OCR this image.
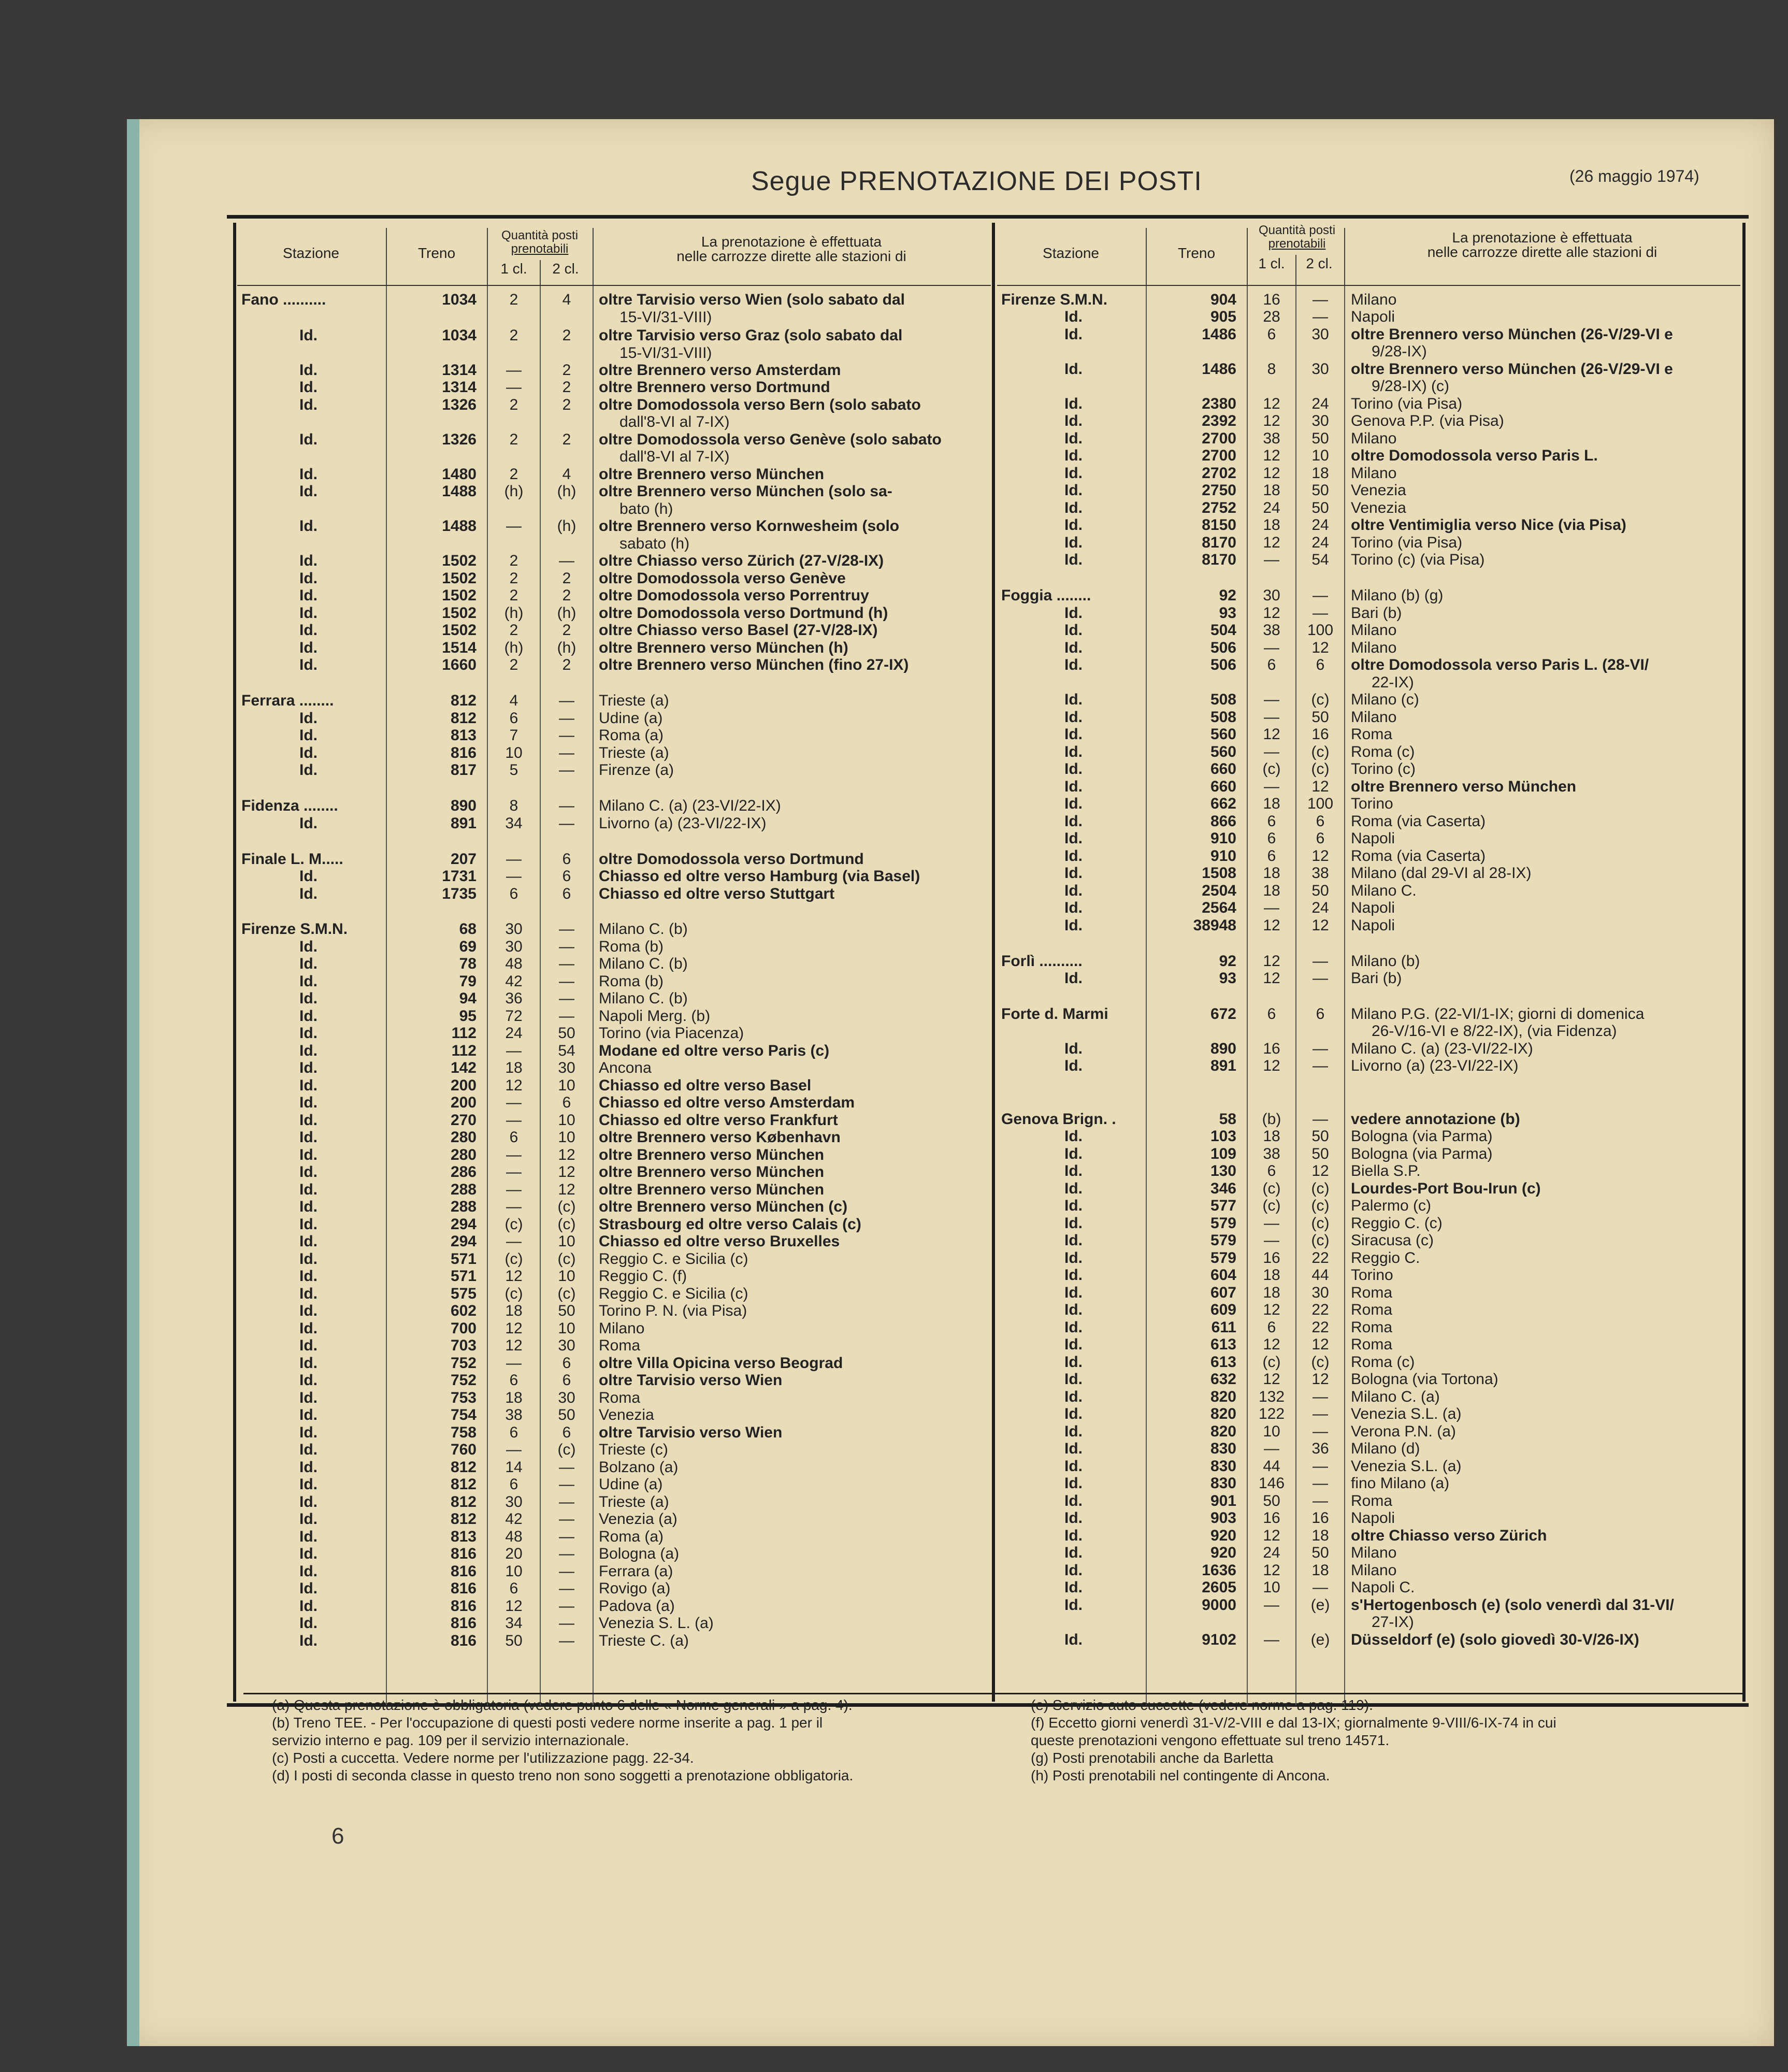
Segue PRENOTAZIONE DEI POSTI	(26 maggio 1974)
Stazione	Treno
Quantità posti
prenotabili
1 cl.	2 cl.
La prenotazione è effettuata
nelle carrozze dirette alle stazioni di
Fano ..........	1034	2	4	oltre Tarvisio verso Wien (solo sabato dal
15-VI/31-VIII)
Id.	1034	2	2	oltre Tarvisio verso Graz (solo sabato dal
15-VI/31-VIII)
Id.	1314	—	2	oltre Brennero verso Amsterdam
Id.	1314	—	2	oltre Brennero verso Dortmund
Id.	1326	2	2	oltre Domodossola verso Bern (solo sabato
dall'8-VI al 7-IX)
Id.	1326	2	2	oltre Domodossola verso Genève (solo sabato
dall'8-VI al 7-IX)
Id.	1480	2	4	oltre Brennero verso München
Id.	1488	(h)	(h)	oltre Brennero verso München (solo sa-
bato (h)
Id.	1488	—	(h)	oltre Brennero verso Kornwesheim (solo
sabato (h)
Id.	1502	2	—	oltre Chiasso verso Zürich (27-V/28-IX)
Id.	1502	2	2	oltre Domodossola verso Genève
Id.	1502	2	2	oltre Domodossola verso Porrentruy
Id.	1502	(h)	(h)	oltre Domodossola verso Dortmund (h)
Id.	1502	2	2	oltre Chiasso verso Basel (27-V/28-IX)
Id.	1514	(h)	(h)	oltre Brennero verso München (h)
Id.	1660	2	2	oltre Brennero verso München (fino 27-IX)
Ferrara ........	812	4	—	Trieste (a)
Id.	812	6	—	Udine (a)
Id.	813	7	—	Roma (a)
Id.	816	10	—	Trieste (a)
Id.	817	5	—	Firenze (a)
Fidenza ........	890	8	—	Milano C. (a) (23-VI/22-IX)
Id.	891	34	—	Livorno (a) (23-VI/22-IX)
Finale L. M.....	207	—	6	oltre Domodossola verso Dortmund
Id.	1731	—	6	Chiasso ed oltre verso Hamburg (via Basel)
Id.	1735	6	6	Chiasso ed oltre verso Stuttgart
Firenze S.M.N.	68	30	—	Milano C. (b)
Id.	69	30	—	Roma (b)
Id.	78	48	—	Milano C. (b)
Id.	79	42	—	Roma (b)
Id.	94	36	—	Milano C. (b)
Id.	95	72	—	Napoli Merg. (b)
Id.	112	24	50	Torino (via Piacenza)
Id.	112	—	54	Modane ed oltre verso Paris (c)
Id.	142	18	30	Ancona
Id.	200	12	10	Chiasso ed oltre verso Basel
Id.	200	—	6	Chiasso ed oltre verso Amsterdam
Id.	270	—	10	Chiasso ed oltre verso Frankfurt
Id.	280	6	10	oltre Brennero verso København
Id.	280	—	12	oltre Brennero verso München
Id.	286	—	12	oltre Brennero verso München
Id.	288	—	12	oltre Brennero verso München
Id.	288	—	(c)	oltre Brennero verso München (c)
Id.	294	(c)	(c)	Strasbourg ed oltre verso Calais (c)
Id.	294	—	10	Chiasso ed oltre verso Bruxelles
Id.	571	(c)	(c)	Reggio C. e Sicilia (c)
Id.	571	12	10	Reggio C. (f)
Id.	575	(c)	(c)	Reggio C. e Sicilia (c)
Id.	602	18	50	Torino P. N. (via Pisa)
Id.	700	12	10	Milano
Id.	703	12	30	Roma
Id.	752	—	6	oltre Villa Opicina verso Beograd
Id.	752	6	6	oltre Tarvisio verso Wien
Id.	753	18	30	Roma
Id.	754	38	50	Venezia
Id.	758	6	6	oltre Tarvisio verso Wien
Id.	760	—	(c)	Trieste (c)
Id.	812	14	—	Bolzano (a)
Id.	812	6	—	Udine (a)
Id.	812	30	—	Trieste (a)
Id.	812	42	—	Venezia (a)
Id.	813	48	—	Roma (a)
Id.	816	20	—	Bologna (a)
Id.	816	10	—	Ferrara (a)
Id.	816	6	—	Rovigo (a)
Id.	816	12	—	Padova (a)
Id.	816	34	—	Venezia S. L. (a)
Id.	816	50	—	Trieste C. (a)
Stazione	Treno
Quantità posti
prenotabili
1 cl.	2 cl.
La prenotazione è effettuata
nelle carrozze dirette alle stazioni di
Firenze S.M.N.	904	16	—	Milano
Id.	905	28	—	Napoli
Id.	1486	6	30	oltre Brennero verso München (26-V/29-VI e
9/28-IX)
Id.	1486	8	30	oltre Brennero verso München (26-V/29-VI e
9/28-IX) (c)
Id.	2380	12	24	Torino (via Pisa)
Id.	2392	12	30	Genova P.P. (via Pisa)
Id.	2700	38	50	Milano
Id.	2700	12	10	oltre Domodossola verso Paris L.
Id.	2702	12	18	Milano
Id.	2750	18	50	Venezia
Id.	2752	24	50	Venezia
Id.	8150	18	24	oltre Ventimiglia verso Nice (via Pisa)
Id.	8170	12	24	Torino (via Pisa)
Id.	8170	—	54	Torino (c) (via Pisa)
Foggia ........	92	30	—	Milano (b) (g)
Id.	93	12	—	Bari (b)
Id.	504	38	100	Milano
Id.	506	—	12	Milano
Id.	506	6	6	oltre Domodossola verso Paris L. (28-VI/
22-IX)
Id.	508	—	(c)	Milano (c)
Id.	508	—	50	Milano
Id.	560	12	16	Roma
Id.	560	—	(c)	Roma (c)
Id.	660	(c)	(c)	Torino (c)
Id.	660	—	12	oltre Brennero verso München
Id.	662	18	100	Torino
Id.	866	6	6	Roma (via Caserta)
Id.	910	6	6	Napoli
Id.	910	6	12	Roma (via Caserta)
Id.	1508	18	38	Milano (dal 29-VI al 28-IX)
Id.	2504	18	50	Milano C.
Id.	2564	—	24	Napoli
Id.	38948	12	12	Napoli
Forlì ..........	92	12	—	Milano (b)
Id.	93	12	—	Bari (b)
Forte d. Marmi	672	6	6	Milano P.G. (22-VI/1-IX; giorni di domenica
26-V/16-VI e 8/22-IX), (via Fidenza)
Id.	890	16	—	Milano C. (a) (23-VI/22-IX)
Id.	891	12	—	Livorno (a) (23-VI/22-IX)
Genova Brign. .	58	(b)	—	vedere annotazione (b)
Id.	103	18	50	Bologna (via Parma)
Id.	109	38	50	Bologna (via Parma)
Id.	130	6	12	Biella S.P.
Id.	346	(c)	(c)	Lourdes-Port Bou-Irun (c)
Id.	577	(c)	(c)	Palermo (c)
Id.	579	—	(c)	Reggio C. (c)
Id.	579	—	(c)	Siracusa (c)
Id.	579	16	22	Reggio C.
Id.	604	18	44	Torino
Id.	607	18	30	Roma
Id.	609	12	22	Roma
Id.	611	6	22	Roma
Id.	613	12	12	Roma
Id.	613	(c)	(c)	Roma (c)
Id.	632	12	12	Bologna (via Tortona)
Id.	820	132	—	Milano C. (a)
Id.	820	122	—	Venezia S.L. (a)
Id.	820	10	—	Verona P.N. (a)
Id.	830	—	36	Milano (d)
Id.	830	44	—	Venezia S.L. (a)
Id.	830	146	—	fino Milano (a)
Id.	901	50	—	Roma
Id.	903	16	16	Napoli
Id.	920	12	18	oltre Chiasso verso Zürich
Id.	920	24	50	Milano
Id.	1636	12	18	Milano
Id.	2605	10	—	Napoli C.
Id.	9000	—	(e)	s'Hertogenbosch (e) (solo venerdì dal 31-VI/
27-IX)
Id.	9102	—	(e)	Düsseldorf (e) (solo giovedì 30-V/26-IX)
(a) Questa prenotazione è obbligatoria (vedere punto 6 delle « Norme generali » a pag. 4).
(b) Treno TEE. - Per l'occupazione di questi posti vedere norme inserite a pag. 1 per il
servizio interno e pag. 109 per il servizio internazionale.
(c) Posti a cuccetta. Vedere norme per l'utilizzazione pagg. 22-34.
(d) I posti di seconda classe in questo treno non sono soggetti a prenotazione obbligatoria.
(e) Servizio auto cuccette (vedere norme a pag. 119).
(f) Eccetto giorni venerdì 31-V/2-VIII e dal 13-IX; giornalmente 9-VIII/6-IX-74 in cui
queste prenotazioni vengono effettuate sul treno 14571.
(g) Posti prenotabili anche da Barletta
(h) Posti prenotabili nel contingente di Ancona.
6
